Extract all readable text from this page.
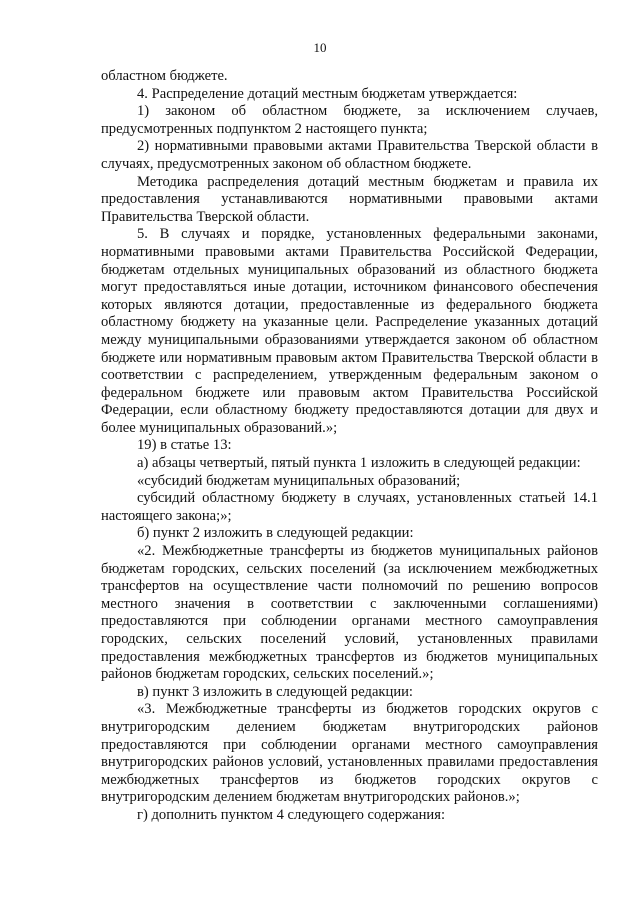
10

областном бюджете.

4. Распределение дотаций местным бюджетам утверждается:

1) законом об областном бюджете, за исключением случаев, предусмотренных подпунктом 2 настоящего пункта;

2) нормативными правовыми актами Правительства Тверской области в случаях, предусмотренных законом об областном бюджете.

Методика распределения дотаций местным бюджетам и правила их предоставления устанавливаются нормативными правовыми актами Правительства Тверской области.

5. В случаях и порядке, установленных федеральными законами, нормативными правовыми актами Правительства Российской Федерации, бюджетам отдельных муниципальных образований из областного бюджета могут предоставляться иные дотации, источником финансового обеспечения которых являются дотации, предоставленные из федерального бюджета областному бюджету на указанные цели. Распределение указанных дотаций между муниципальными образованиями утверждается законом об областном бюджете или нормативным правовым актом Правительства Тверской области в соответствии с распределением, утвержденным федеральным законом о федеральном бюджете или правовым актом Правительства Российской Федерации, если областному бюджету предоставляются дотации для двух и более муниципальных образований.»;

19) в статье 13:

а) абзацы четвертый, пятый пункта 1 изложить в следующей редакции:

«субсидий бюджетам муниципальных образований;

субсидий областному бюджету в случаях, установленных статьей 14.1 настоящего закона;»;

б) пункт 2 изложить в следующей редакции:

«2. Межбюджетные трансферты из бюджетов муниципальных районов бюджетам городских, сельских поселений (за исключением межбюджетных трансфертов на осуществление части полномочий по решению вопросов местного значения в соответствии с заключенными соглашениями) предоставляются при соблюдении органами местного самоуправления городских, сельских поселений условий, установленных правилами предоставления межбюджетных трансфертов из бюджетов муниципальных районов бюджетам городских, сельских поселений.»;

в) пункт 3 изложить в следующей редакции:

«3. Межбюджетные трансферты из бюджетов городских округов с внутригородским делением бюджетам внутригородских районов предоставляются при соблюдении органами местного самоуправления внутригородских районов условий, установленных правилами предоставления межбюджетных трансфертов из бюджетов городских округов с внутригородским делением бюджетам внутригородских районов.»;

г) дополнить пунктом 4 следующего содержания:
